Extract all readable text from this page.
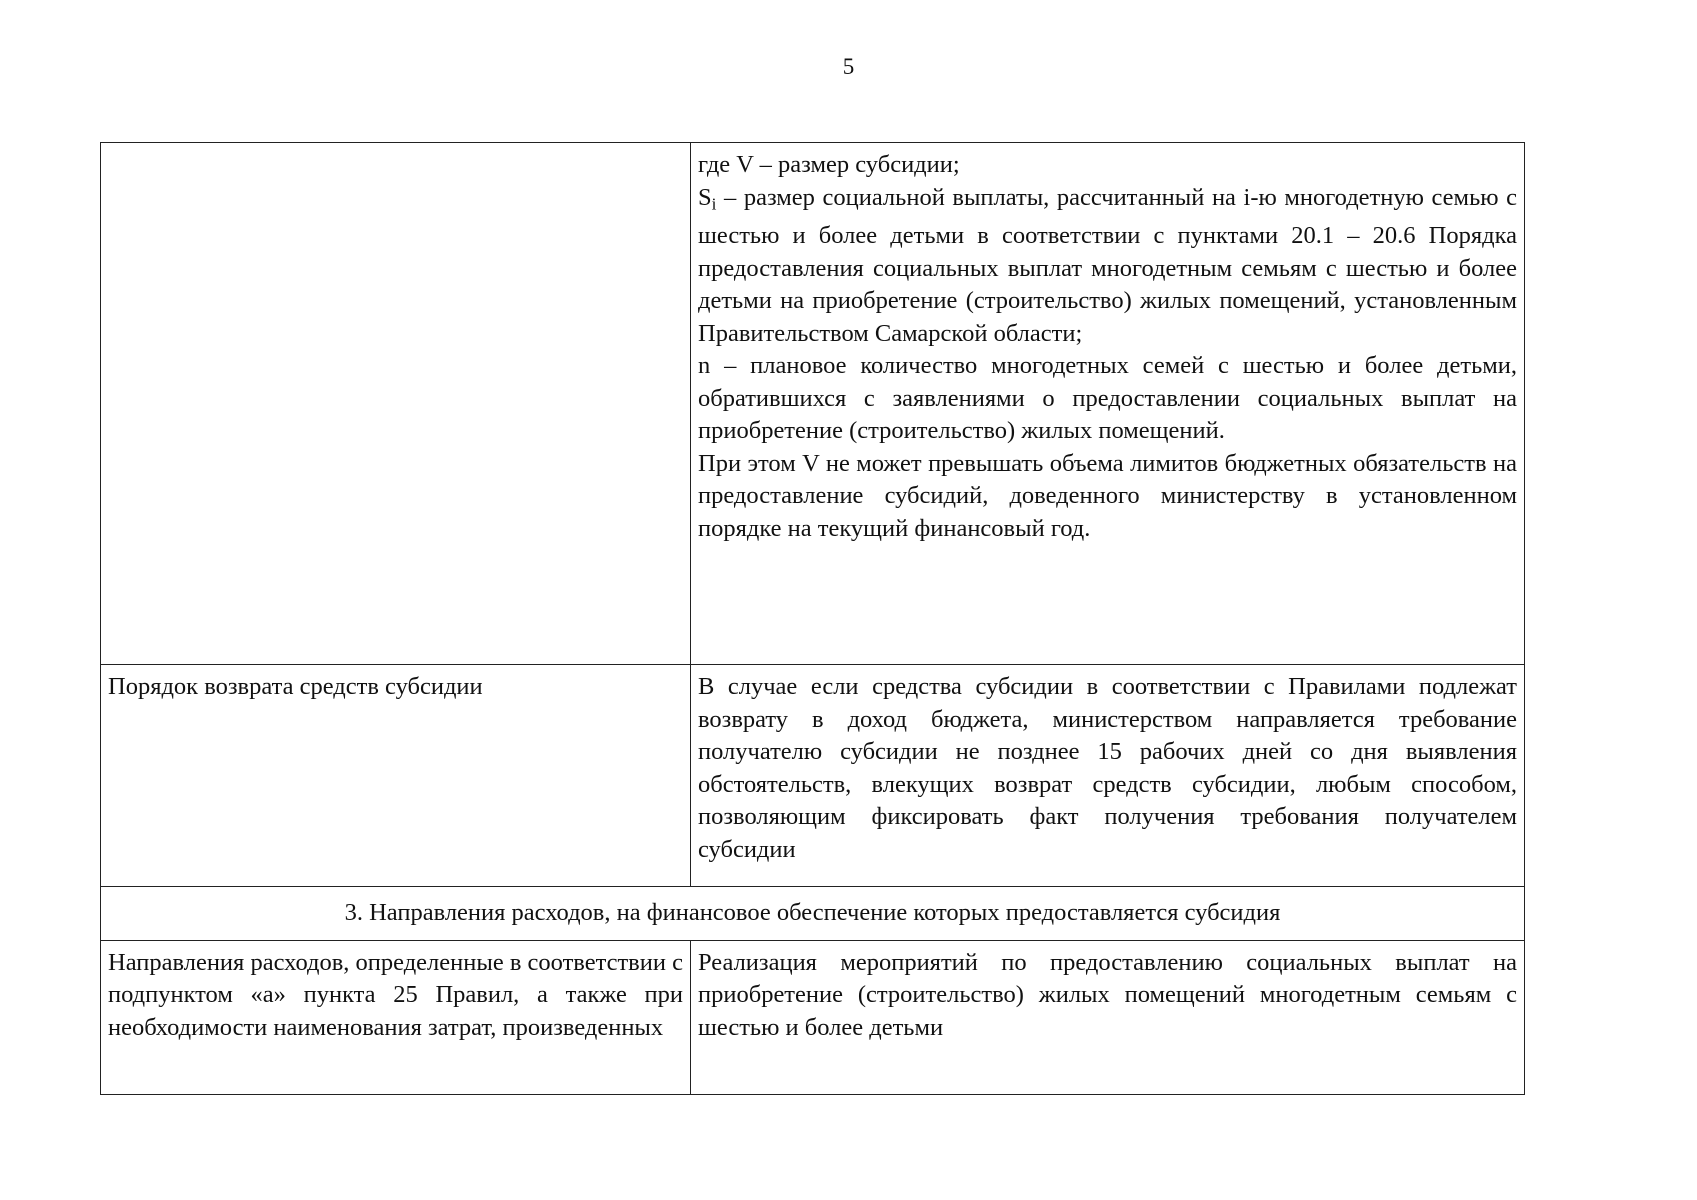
5

	где V – размер субсидии;

$S_i$ – размер социальной выплаты, рассчитанный на i-ю многодетную семью с шестью и более детьми в соответствии с пунктами 20.1 – 20.6 Порядка предоставления социальных выплат многодетным семьям с шестью и более детьми на приобретение (строительство) жилых помещений, установленным Правительством Самарской области;

n – плановое количество многодетных семей с шестью и более детьми, обратившихся с заявлениями о предоставлении социальных выплат на приобретение (строительство) жилых помещений.

При этом V не может превышать объема лимитов бюджетных обязательств на предоставление субсидий, доведенного министерству в установленном порядке на текущий финансовый год.

Порядок возврата средств субсидии	В случае если средства субсидии в соответствии с Правилами подлежат возврату в доход бюджета, министерством направляется требование получателю субсидии не позднее 15 рабочих дней со дня выявления обстоятельств, влекущих возврат средств субсидии, любым способом, позволяющим фиксировать факт получения требования получателем субсидии
3. Направления расходов, на финансовое обеспечение которых предоставляется субсидия	
Направления расходов, определенные в соответствии с подпунктом «а» пункта 25 Правил, а также при необходимости наименования затрат, произведенных	Реализация мероприятий по предоставлению социальных выплат на приобретение (строительство) жилых помещений многодетным семьям с шестью и более детьми
